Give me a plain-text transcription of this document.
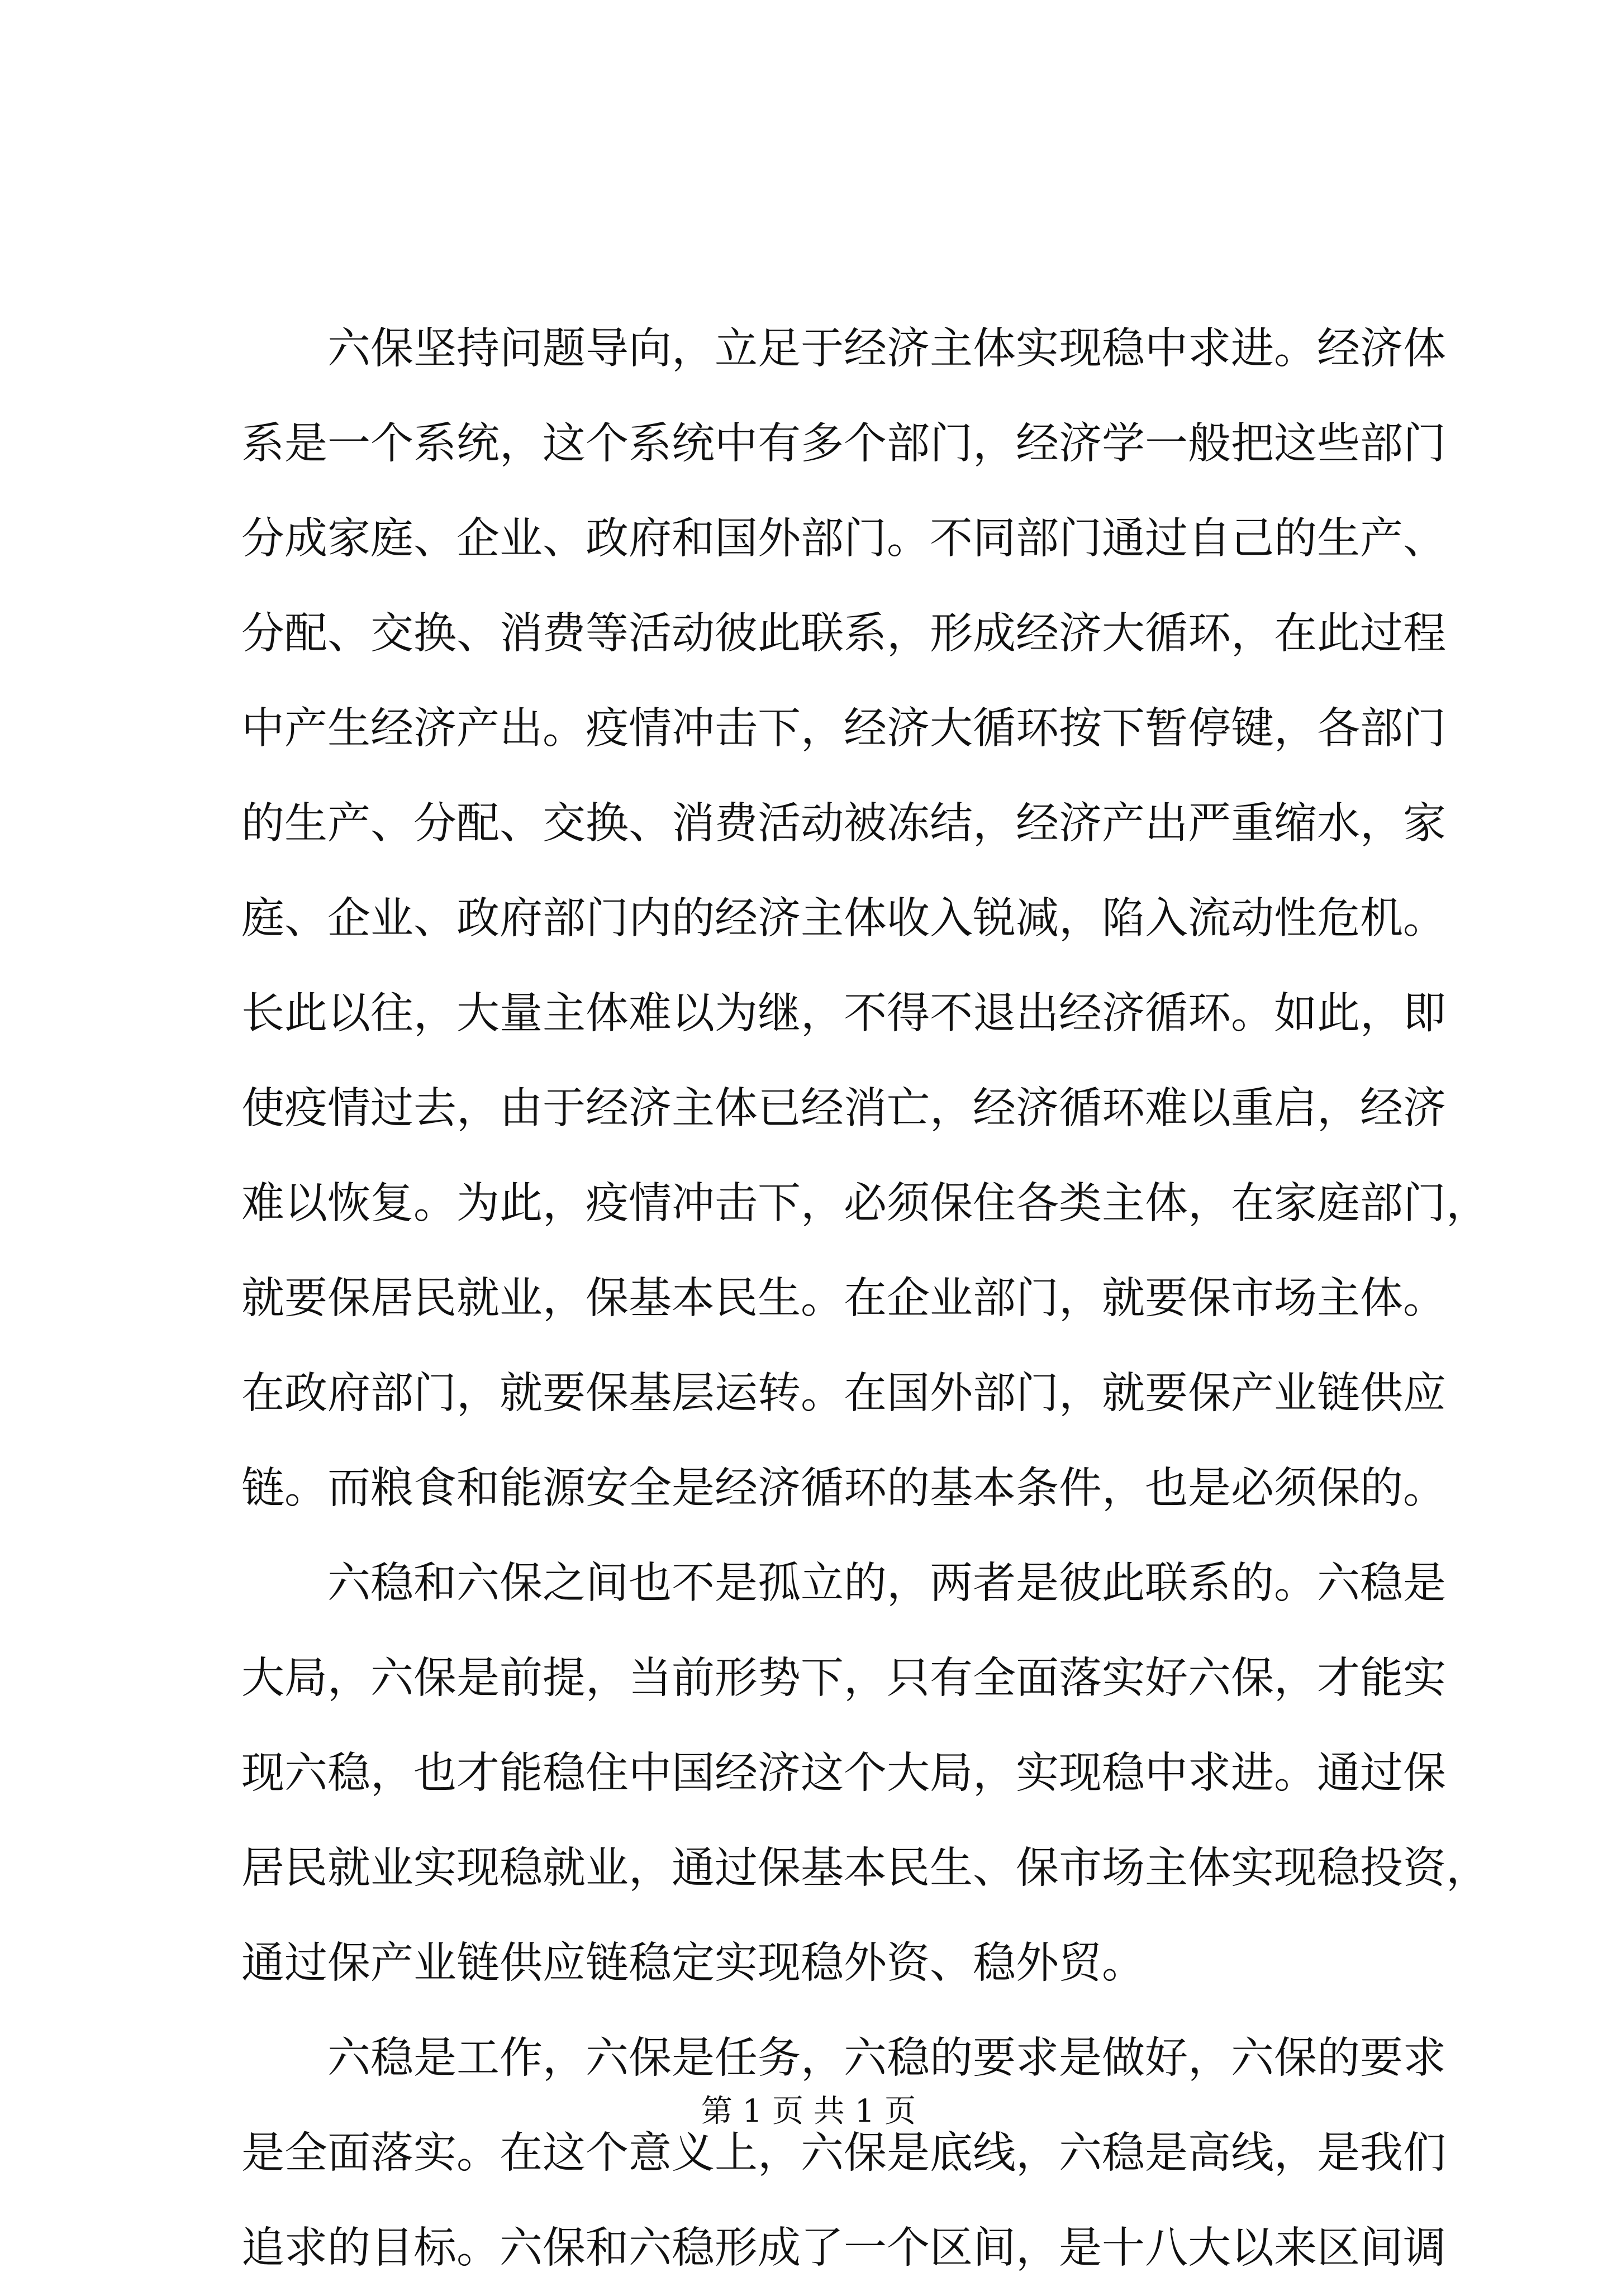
六保坚持问题导向，立足于经济主体实现稳中求进。经济体
系是一个系统，这个系统中有多个部门，经济学一般把这些部门
分成家庭、企业、政府和国外部门。不同部门通过自己的生产、
分配、交换、消费等活动彼此联系，形成经济大循环，在此过程
中产生经济产出。疫情冲击下，经济大循环按下暂停键，各部门
的生产、分配、交换、消费活动被冻结，经济产出严重缩水，家
庭、企业、政府部门内的经济主体收入锐减，陷入流动性危机。
长此以往，大量主体难以为继，不得不退出经济循环。如此，即
使疫情过去，由于经济主体已经消亡，经济循环难以重启，经济
难以恢复。为此，疫情冲击下，必须保住各类主体，在家庭部门，
就要保居民就业，保基本民生。在企业部门，就要保市场主体。
在政府部门，就要保基层运转。在国外部门，就要保产业链供应
链。而粮食和能源安全是经济循环的基本条件，也是必须保的。
六稳和六保之间也不是孤立的，两者是彼此联系的。六稳是
大局，六保是前提，当前形势下，只有全面落实好六保，才能实
现六稳，也才能稳住中国经济这个大局，实现稳中求进。通过保
居民就业实现稳就业，通过保基本民生、保市场主体实现稳投资，
通过保产业链供应链稳定实现稳外资、稳外贸。
六稳是工作，六保是任务，六稳的要求是做好，六保的要求
是全面落实。在这个意义上，六保是底线，六稳是高线，是我们
追求的目标。六保和六稳形成了一个区间，是十八大以来区间调
第 1 页 共 1 页
